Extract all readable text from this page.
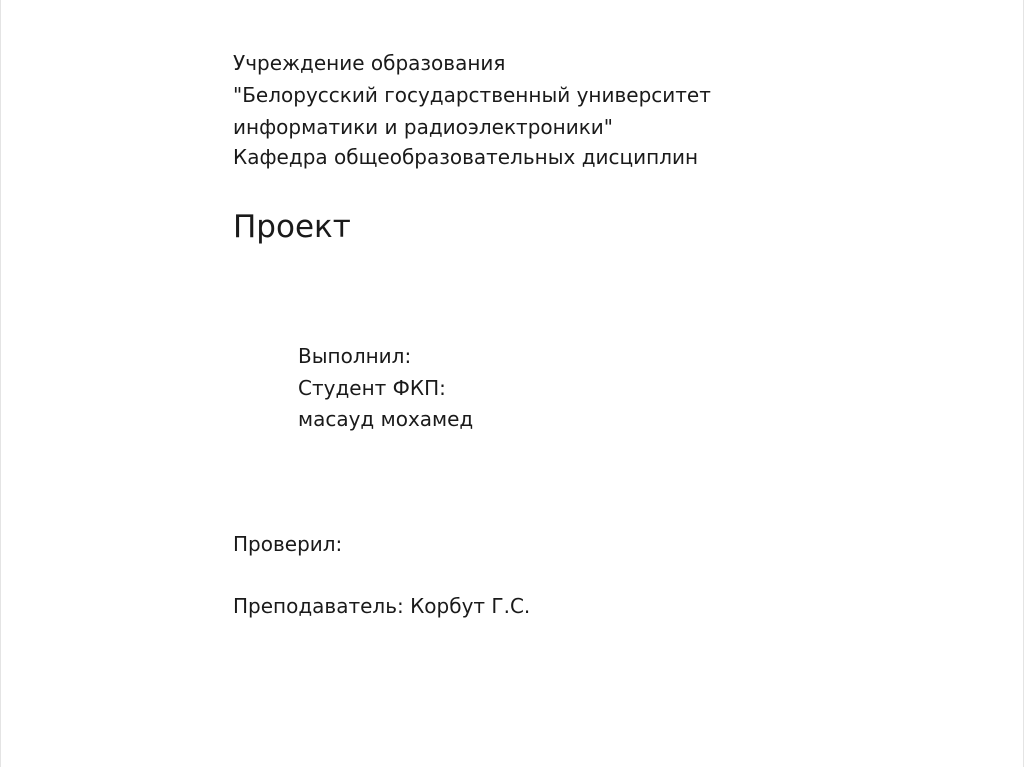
Учреждение образования
"Белорусский государственный университет
информатики и радиоэлектроники"
Кафедра общеобразовательных дисциплин
Проект
Выполнил:
Студент ФКП:
масауд мохамед
Проверил:
Преподаватель: Корбут Г.С.
